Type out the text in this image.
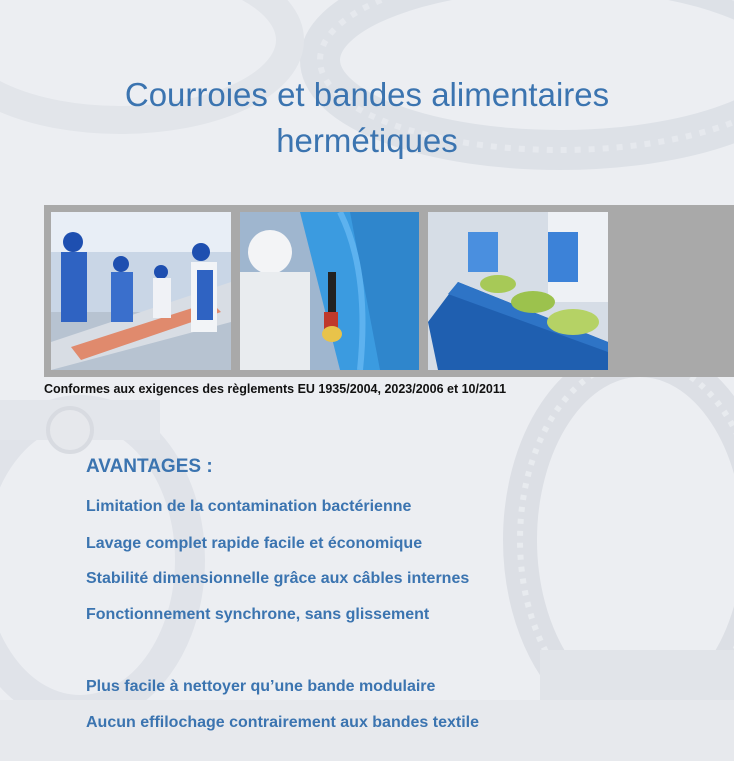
Courroies et bandes alimentaires
hermétiques
Conformes aux exigences des règlements EU 1935/2004, 2023/2006 et 10/2011
AVANTAGES :
Limitation de la contamination bactérienne
Lavage complet rapide facile et économique
Stabilité dimensionnelle grâce aux câbles internes
Fonctionnement synchrone, sans glissement
Plus facile à nettoyer qu’une bande modulaire
Aucun effilochage contrairement aux bandes textile
